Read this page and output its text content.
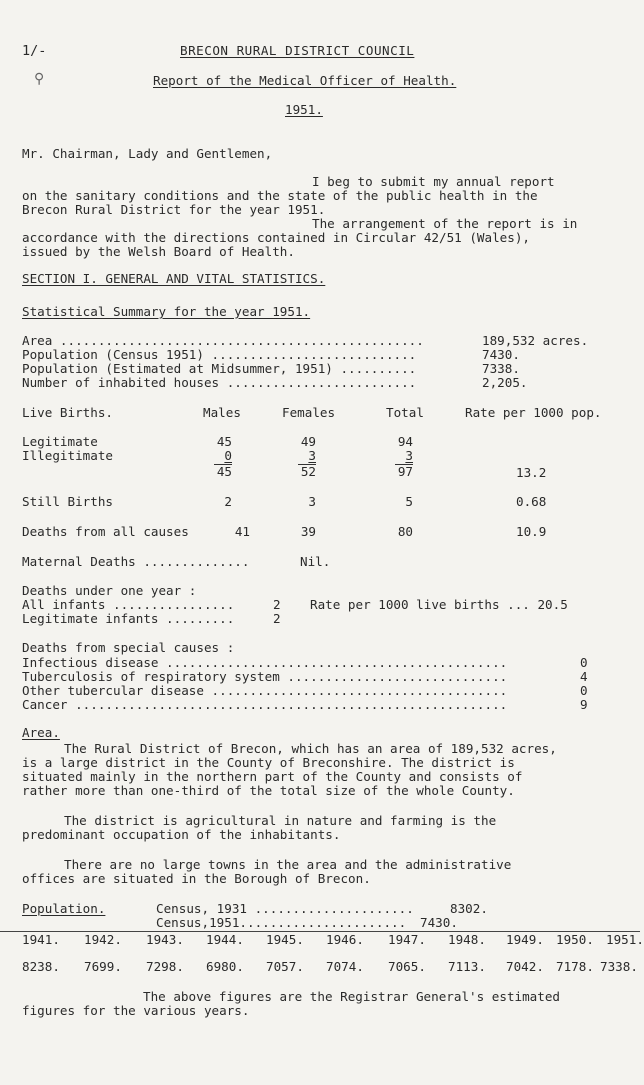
1/-	BRECON RURAL DISTRICT COUNCIL
⚲	Report of the Medical Officer of Health.
1951.
Mr. Chairman, Lady and Gentlemen,
I beg to submit my annual report
on the sanitary conditions and the state of the public health in the
Brecon Rural District for the year 1951.
The arrangement of the report is in
accordance with the directions contained in Circular 42/51 (Wales),
issued by the Welsh Board of Health.
SECTION I. GENERAL AND VITAL STATISTICS.
Statistical Summary for the year 1951.
Area ................................................	189,532 acres.
Population (Census 1951) ...........................	7430.
Population (Estimated at Midsummer, 1951) ..........	7338.
Number of inhabited houses .........................	2,205.
Live Births.	Males	Females	Total	Rate per 1000 pop.
Legitimate	45	49	94
Illegitimate	0	3	3
45	52	97	13.2
Still Births	2	3	5	0.68
Deaths from all causes	41	39	80	10.9
Maternal Deaths ..............	Nil.
Deaths under one year :
All infants ................	2 Rate per 1000 live births ... 20.5
Legitimate infants .........	2
Deaths from special causes :
Infectious disease .............................................	0
Tuberculosis of respiratory system .............................	4
Other tubercular disease .......................................	0
Cancer .........................................................	9
Area.
The Rural District of Brecon, which has an area of 189,532 acres,
is a large district in the County of Breconshire. The district is
situated mainly in the northern part of the County and consists of
rather more than one-third of the total size of the whole County.
The district is agricultural in nature and farming is the
predominant occupation of the inhabitants.
There are no large towns in the area and the administrative
offices are situated in the Borough of Brecon.
Population.	Census, 1931 .....................	8302.
Census,1951...................... 7430.
1941. 1942. 1943. 1944. 1945. 1946. 1947. 1948. 1949. 1950. 1951.
8238. 7699. 7298. 6980. 7057. 7074. 7065. 7113. 7042. 7178. 7338.
The above figures are the Registrar General's estimated
figures for the various years.
